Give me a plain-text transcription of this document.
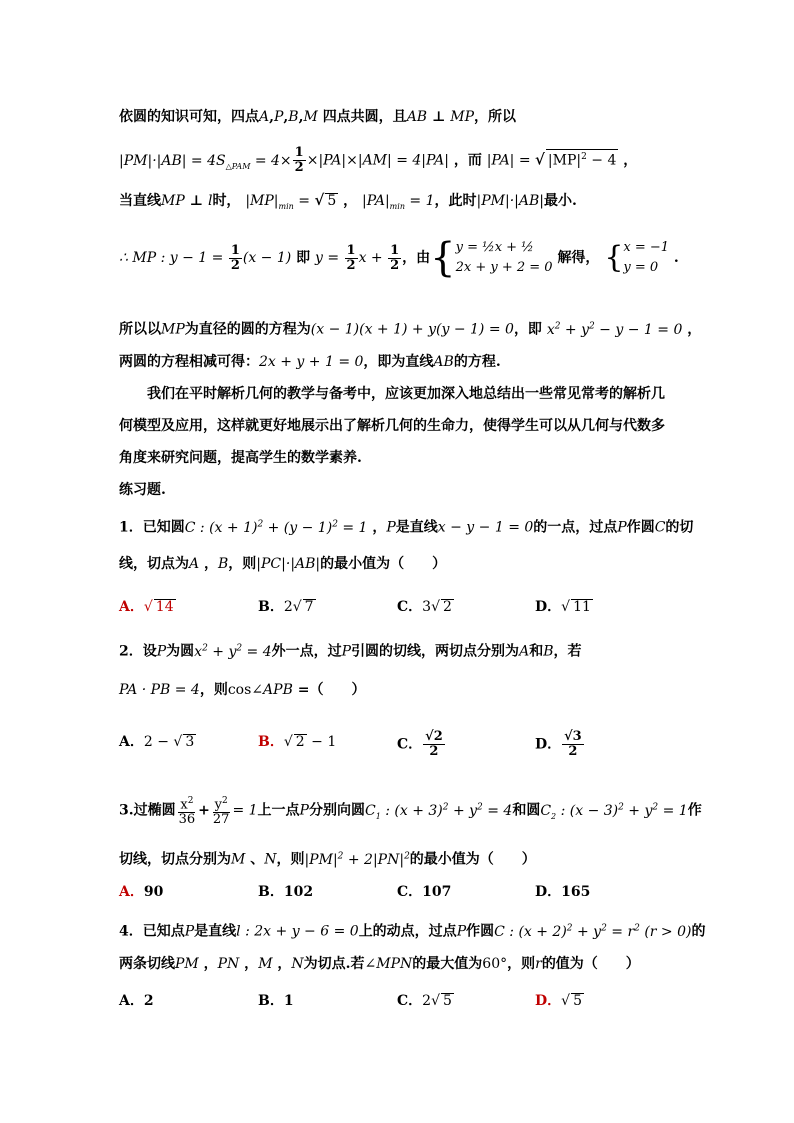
依圆的知识可知，四点A,P,B,M 四点共圆，且AB ⊥ MP，所以
$|PM|\cdot|AB| = 4S_{\triangle PAM} = 4\times \frac{1}{2} \times|PA|\times|AM| = 4|PA|$ ，而 |PA| = √ $|MP|^2 - 4$ ，
当直线MP ⊥ l时， $|MP|_{min}$ = √ 5 ， $|PA|_{min} = 1$，此时|PM|·|AB|最小.
∴ MP : $y - 1 = \frac{1}{2} (x - 1)$ 即 $y = \frac{1}{2}$ $x + \frac{1}{2}$ ，由{ y = ½x + ½
2x + y + 2 = 0
解得， { x = −1
y = 0
.
所以以MP为直径的圆的方程为(x − 1)(x + 1) + y(y − 1) = 0，即 $x^2 + y^2 - y - 1 = 0$ ，
两圆的方程相减可得：2x + y + 1 = 0，即为直线AB的方程.
我们在平时解析几何的教学与备考中，应该更加深入地总结出一些常见常考的解析几
何模型及应用，这样就更好地展示出了解析几何的生命力，使得学生可以从几何与代数多
角度来研究问题，提高学生的数学素养.
练习题.
1．已知圆C : $(x + 1)^2 + (y - 1)^2 = 1$ ，P是直线x − y − 1 = 0的一点，过点P作圆C的切
线，切点为A ，B，则|PC|·|AB|的最小值为（　　）
A．√ 14	B．2√ 7	C．3√ 2	D．√ 11
2．设P为圆$x^2 + y^2 = 4$外一点，过P引圆的切线，两切点分别为A和B，若
PA · PB = 4，则cos∠APB =（　　）
A．2 − √ 3	B．√ 2 − 1	C． $\frac{√2}{2}$	D． $\frac{√3}{2}$
3.过椭圆 $\frac{x^2}{36} + \frac{y^2}{27} = 1$上一点P分别向圆$C_1$ : $(x + 3)^2 + y^2 = 4$和圆$C_2$ : $(x - 3)^2 + y^2 = 1$作
切线，切点分别为M 、N，则$|PM|^2 + 2|PN|^2$的最小值为（　　）
A．90	B．102	C．107	D．165
4．已知点P是直线l : 2x + y − 6 = 0上的动点，过点P作圆C : $(x + 2)^2 + y^2 = r^2$ (r > 0)的
两条切线PM ，PN ，M ，N为切点.若∠MPN的最大值为60°，则r的值为（　　）
A．2	B．1	C．2√ 5	D．√ 5
